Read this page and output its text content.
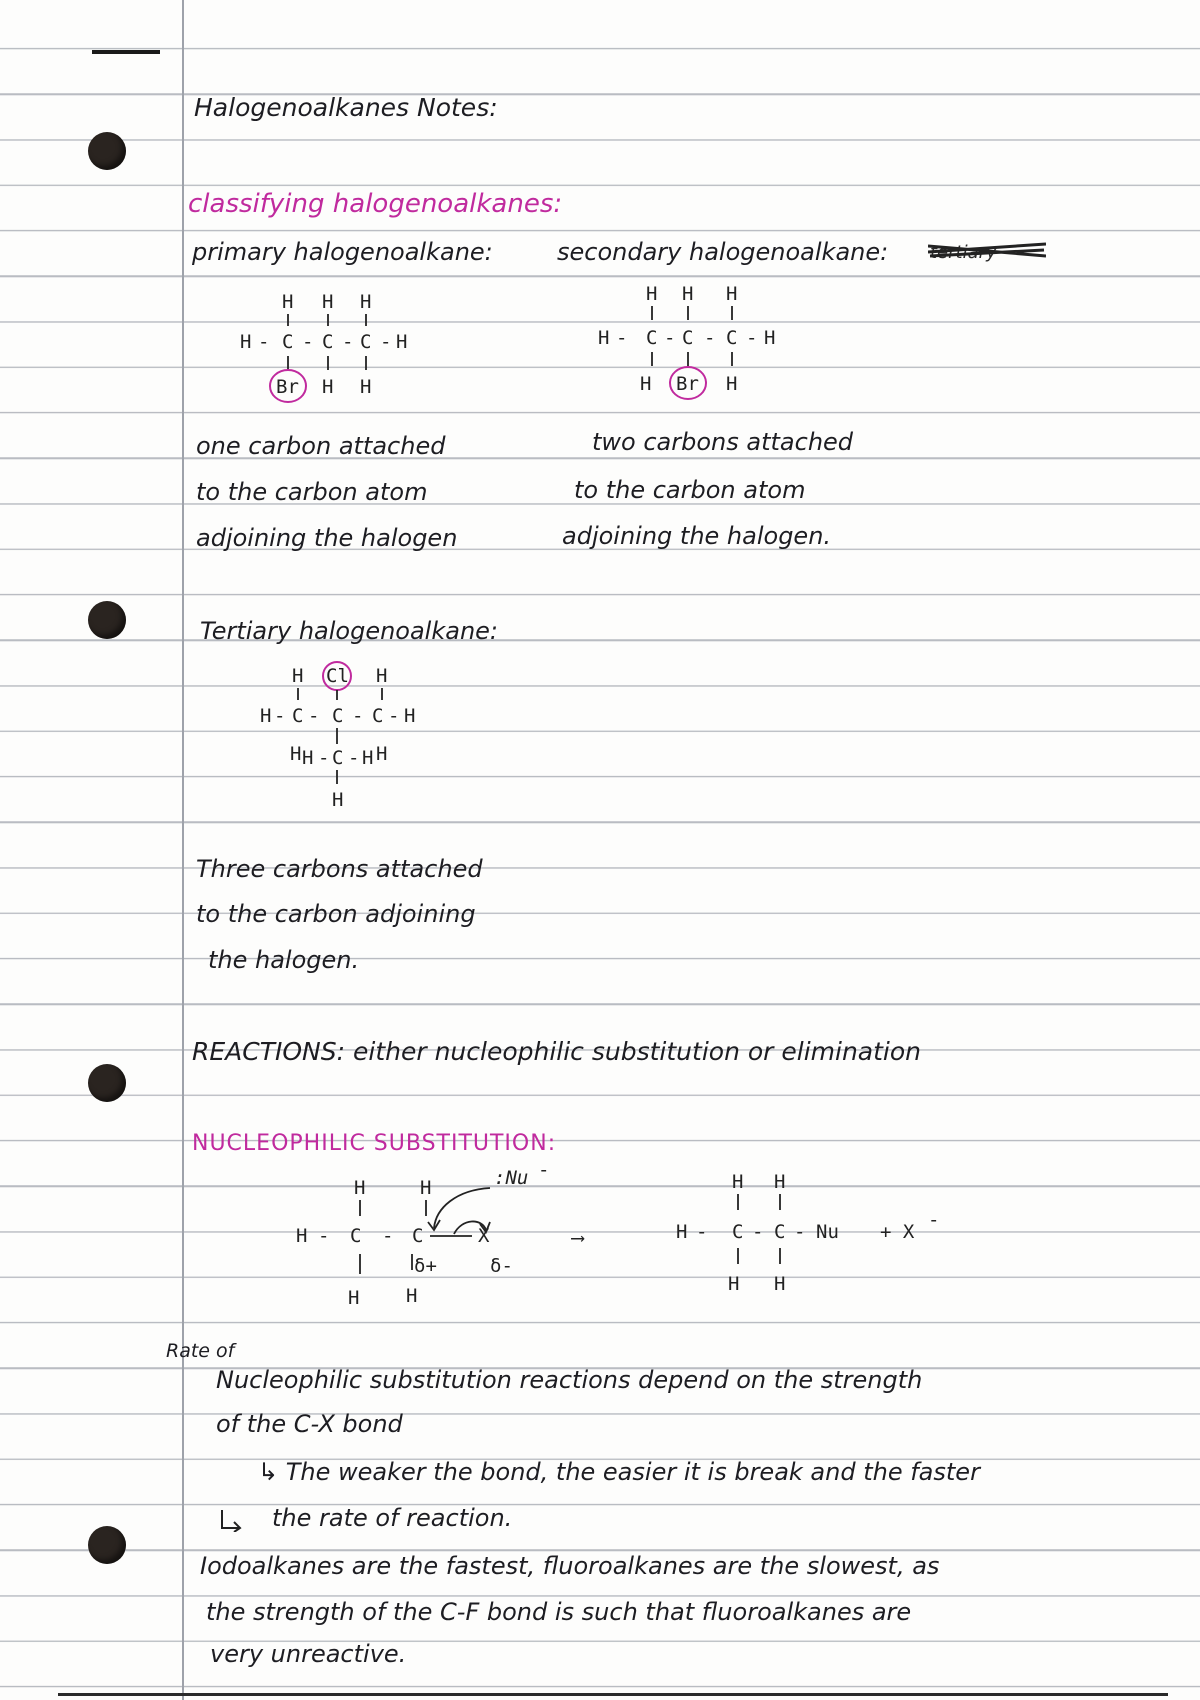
Halogenoalkanes Notes:
classifying halogenoalkanes:
primary halogenoalkane:	secondary halogenoalkane: tertiary
H H H
H - C - C - C - H
Br H H
H H H
H - C - C - C - H
H Br H
one carbon attached
to the carbon atom
adjoining the halogen
two carbons attached
to the carbon atom
adjoining the halogen.
Tertiary halogenoalkane:
H Cl H
H - C - C - C - H
H H - C - H H
H
Three carbons attached
to the carbon adjoining
the halogen.
REACTIONS: either nucleophilic substitution or elimination
NUCLEOPHILIC SUBSTITUTION:
H	H
H - C - C	X
:Nu -
δ+	δ-
H H
⟶
H H
H - C - C - Nu
H H
+ X
-
Rate of
Nucleophilic substitution reactions depend on the strength
of the C-X bond
↳ The weaker the bond, the easier it is break and the faster
the rate of reaction.
Iodoalkanes are the fastest, fluoroalkanes are the slowest, as
the strength of the C-F bond is such that fluoroalkanes are
very unreactive.
